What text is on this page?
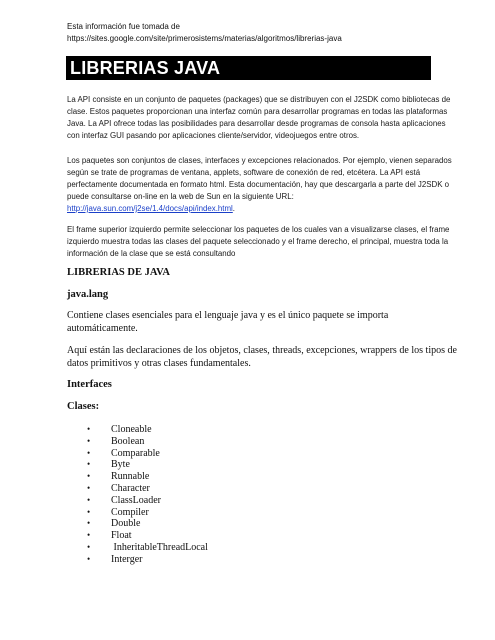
Esta información fue tomada de
https://sites.google.com/site/primerosistems/materias/algoritmos/librerias-java
LIBRERIAS JAVA

La API consiste en un conjunto de paquetes (packages) que se distribuyen con el J2SDK como bibliotecas de clase. Estos paquetes proporcionan una interfaz común para desarrollar programas en todas las plataformas Java. La API ofrece todas las posibilidades para desarrollar desde programas de consola hasta aplicaciones con interfaz GUI pasando por aplicaciones cliente/servidor, videojuegos entre otros.

Los paquetes son conjuntos de clases, interfaces y excepciones relacionados. Por ejemplo, vienen separados según se trate de programas de ventana, applets, software de conexión de red, etcétera. La API está perfectamente documentada en formato html. Esta documentación, hay que descargarla a parte del J2SDK o puede consultarse on-line en la web de Sun en la siguiente URL: http://java.sun.com/j2se/1.4/docs/api/index.html.

El frame superior izquierdo permite seleccionar los paquetes de los cuales van a visualizarse clases, el frame izquierdo muestra todas las clases del paquete seleccionado y el frame derecho, el principal, muestra toda la información de la clase que se está consultando

LIBRERIAS DE JAVA
java.lang

Contiene clases esenciales para el lenguaje java y es el único paquete se importa automáticamente.

Aquí están las declaraciones de los objetos, clases, threads, excepciones, wrappers de los tipos de datos primitivos y otras clases fundamentales.

Interfaces
Clases:
• Cloneable
• Boolean
• Comparable
• Byte
• Runnable
• Character
• ClassLoader
• Compiler
• Double
• Float
• InheritableThreadLocal
• Interger
